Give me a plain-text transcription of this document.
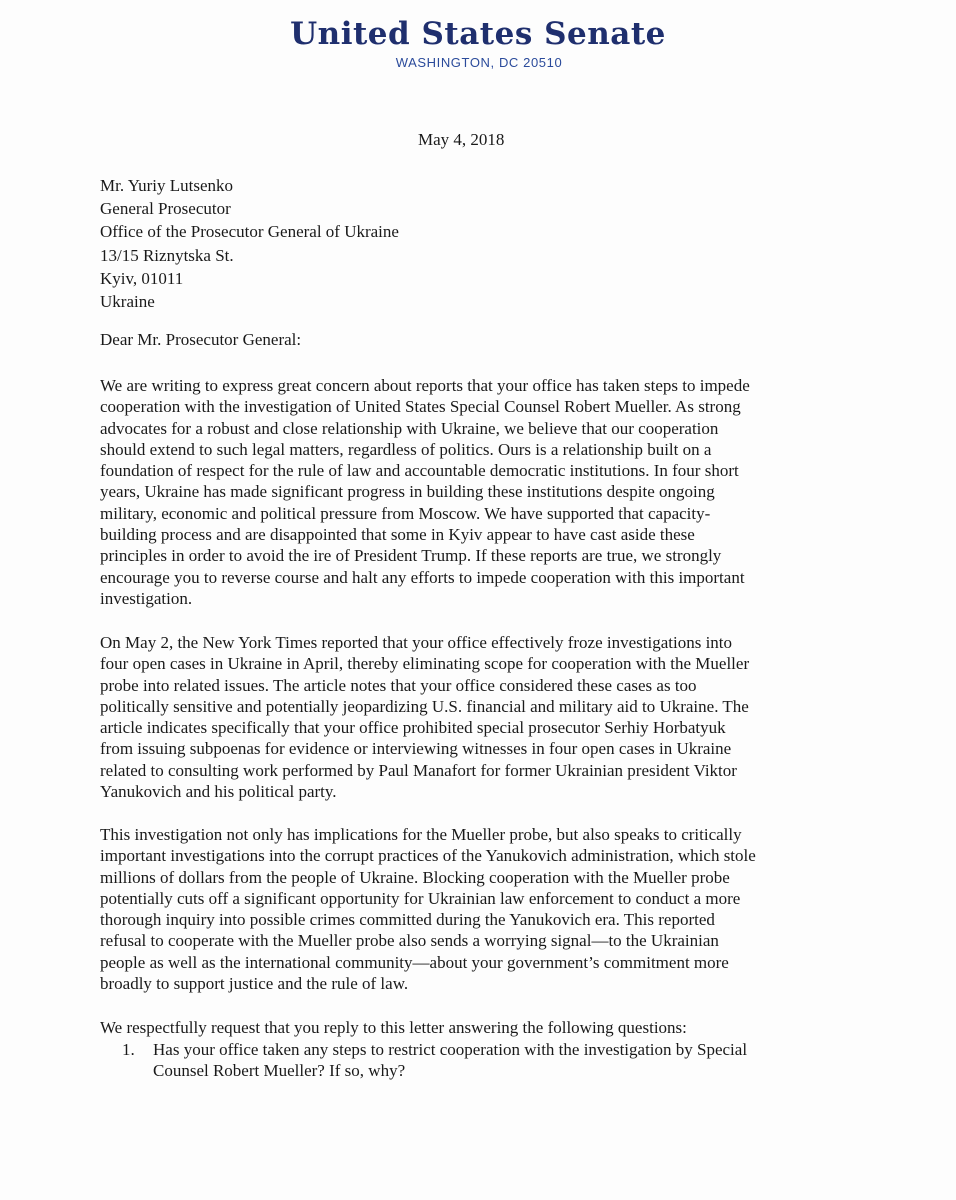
United States Senate
WASHINGTON, DC 20510
May 4, 2018
Mr. Yuriy Lutsenko
General Prosecutor
Office of the Prosecutor General of Ukraine
13/15 Riznytska St.
Kyiv, 01011
Ukraine
Dear Mr. Prosecutor General:
We are writing to express great concern about reports that your office has taken steps to impede
cooperation with the investigation of United States Special Counsel Robert Mueller. As strong
advocates for a robust and close relationship with Ukraine, we believe that our cooperation
should extend to such legal matters, regardless of politics. Ours is a relationship built on a
foundation of respect for the rule of law and accountable democratic institutions. In four short
years, Ukraine has made significant progress in building these institutions despite ongoing
military, economic and political pressure from Moscow. We have supported that capacity-
building process and are disappointed that some in Kyiv appear to have cast aside these
principles in order to avoid the ire of President Trump. If these reports are true, we strongly
encourage you to reverse course and halt any efforts to impede cooperation with this important
investigation.
On May 2, the New York Times reported that your office effectively froze investigations into
four open cases in Ukraine in April, thereby eliminating scope for cooperation with the Mueller
probe into related issues. The article notes that your office considered these cases as too
politically sensitive and potentially jeopardizing U.S. financial and military aid to Ukraine. The
article indicates specifically that your office prohibited special prosecutor Serhiy Horbatyuk
from issuing subpoenas for evidence or interviewing witnesses in four open cases in Ukraine
related to consulting work performed by Paul Manafort for former Ukrainian president Viktor
Yanukovich and his political party.
This investigation not only has implications for the Mueller probe, but also speaks to critically
important investigations into the corrupt practices of the Yanukovich administration, which stole
millions of dollars from the people of Ukraine. Blocking cooperation with the Mueller probe
potentially cuts off a significant opportunity for Ukrainian law enforcement to conduct a more
thorough inquiry into possible crimes committed during the Yanukovich era. This reported
refusal to cooperate with the Mueller probe also sends a worrying signal—to the Ukrainian
people as well as the international community—about your government’s commitment more
broadly to support justice and the rule of law.
We respectfully request that you reply to this letter answering the following questions:
1. Has your office taken any steps to restrict cooperation with the investigation by Special
Counsel Robert Mueller? If so, why?
